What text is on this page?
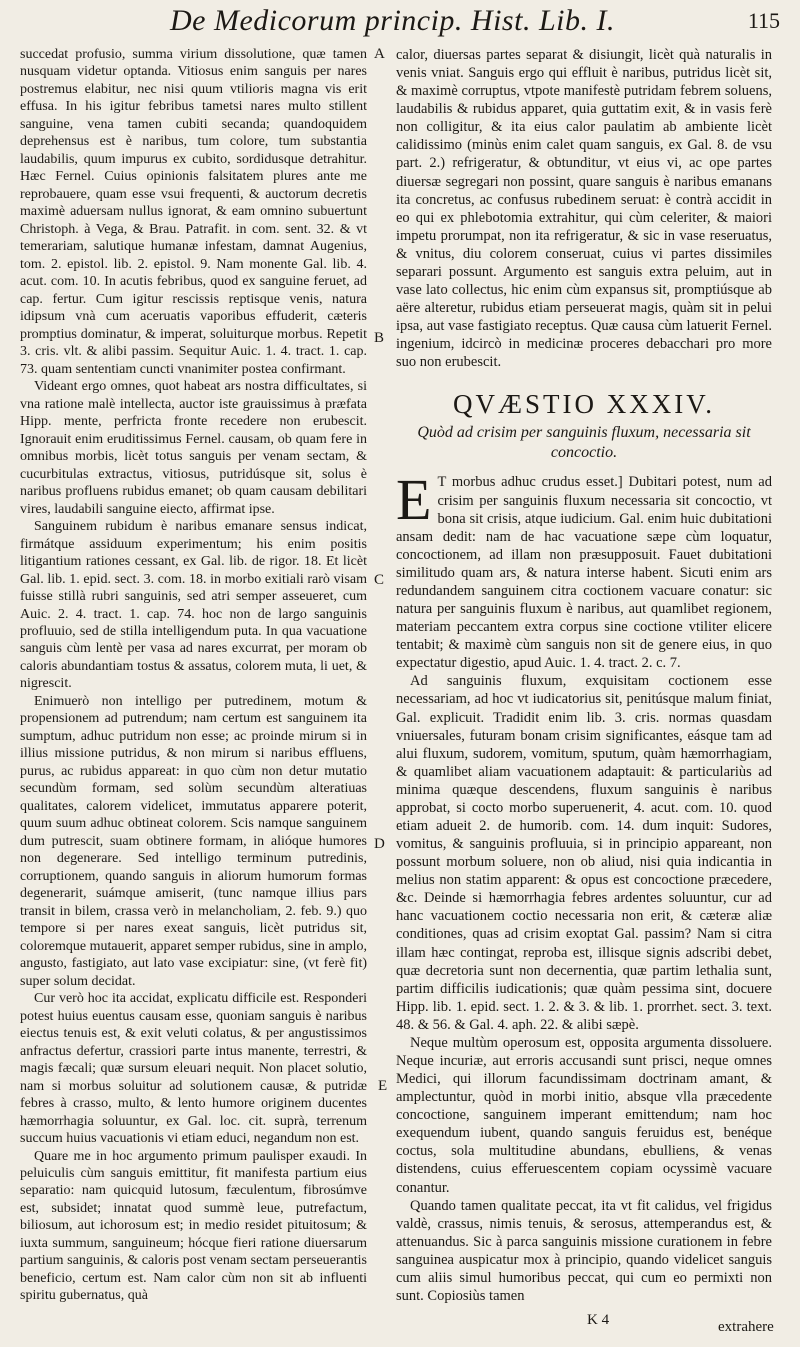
De Medicorum princip. Hist. Lib. I.	115

succedat profusio, summa virium dissolutione, quæ tamen nusquam videtur optanda. Vitiosus enim sanguis per nares postremus elabitur, nec nisi quum vtilioris magna vis erit effusa. In his igitur febribus tametsi nares multo stillent sanguine, vena tamen cubiti secanda; quandoquidem deprehensus est è naribus, tum colore, tum substantia laudabilis, quum impurus ex cubito, sordidusque detrahitur. Hæc Fernel. Cuius opinionis falsitatem plures ante me reprobauere, quam esse vsui frequenti, & auctorum decretis maximè aduersam nullus ignorat, & eam omnino subuertunt Christoph. à Vega, & Brau. Patrafit. in com. sent. 32. & vt temerariam, salutique humanæ infestam, damnat Augenius, tom. 2. epistol. lib. 2. epistol. 9. Nam monente Gal. lib. 4. acut. com. 10. In acutis febribus, quod ex sanguine feruet, ad cap. fertur. Cum igitur rescissis reptisque venis, natura idipsum vnà cum aceruatis vaporibus effuderit, cæteris promptius dominatur, & imperat, soluiturque morbus. Repetit 3. cris. vlt. & alibi passim. Sequitur Auic. 1. 4. tract. 1. cap. 73. quam sententiam cuncti vnanimiter postea confirmant.

Videant ergo omnes, quot habeat ars nostra difficultates, si vna ratione malè intellecta, auctor iste grauissimus à præfata Hipp. mente, perfricta fronte recedere non erubescit. Ignorauit enim eruditissimus Fernel. causam, ob quam fere in omnibus morbis, licèt totus sanguis per venam sectam, & cucurbitulas extractus, vitiosus, putridúsque sit, solus è naribus profluens rubidus emanet; ob quam causam debilitari vires, laudabili sanguine eiecto, affirmat ipse.

Sanguinem rubidum è naribus emanare sensus indicat, firmátque assiduum experimentum; his enim positis litigantium rationes cessant, ex Gal. lib. de rigor. 18. Et licèt Gal. lib. 1. epid. sect. 3. com. 18. in morbo exitiali rarò visam fuisse stillà rubri sanguinis, sed atri semper asseueret, cum Auic. 2. 4. tract. 1. cap. 74. hoc non de largo sanguinis profluuio, sed de stilla intelligendum puta. In qua vacuatione sanguis cùm lentè per vasa ad nares excurrat, per moram ob caloris abundantiam tostus & assatus, colorem muta, li uet, & nigrescit.

Enimuerò non intelligo per putredinem, motum & propensionem ad putrendum; nam certum est sanguinem ita sumptum, adhuc putridum non esse; ac proinde mirum si in illius missione putridus, & non mirum si naribus effluens, purus, ac rubidus appareat: in quo cùm non detur mutatio secundùm formam, sed solùm secundùm alteratiuas qualitates, calorem videlicet, immutatus apparere poterit, quum suum adhuc obtineat colorem. Scis namque sanguinem dum putrescit, suam obtinere formam, in alióque humores non degenerare. Sed intelligo terminum putredinis, corruptionem, quando sanguis in aliorum humorum formas degenerarit, suámque amiserit, (tunc namque illius pars transit in bilem, crassa verò in melancholiam, 2. feb. 9.) quo tempore si per nares exeat sanguis, licèt putridus sit, coloremque mutauerit, apparet semper rubidus, sine in amplo, angusto, fastigiato, aut lato vase excipiatur: sine, (vt ferè fit) super solum decidat.

Cur verò hoc ita accidat, explicatu difficile est. Responderi potest huius euentus causam esse, quoniam sanguis è naribus eiectus tenuis est, & exit veluti colatus, & per angustissimos anfractus defertur, crassiori parte intus manente, terrestri, & magis fæcali; quæ sursum eleuari nequit. Non placet solutio, nam si morbus soluitur ad solutionem causæ, & putridæ febres à crasso, multo, & lento humore originem ducentes hæmorrhagia soluuntur, ex Gal. loc. cit. suprà, terrenum succum huius vacuationis vi etiam educi, negandum non est.

Quare me in hoc argumento primum paulisper exaudi. In peluiculis cùm sanguis emittitur, fit manifesta partium eius separatio: nam quicquid lutosum, fæculentum, fibrosúmve est, subsidet; innatat quod summè leue, putrefactum, biliosum, aut ichorosum est; in medio residet pituitosum; & iuxta summum, sanguineum; hócque fieri ratione diuersarum partium sanguinis, & caloris post venam sectam perseuerantis beneficio, certum est. Nam calor cùm non sit ab influenti spiritu gubernatus, quà

A
B
C
D
E

calor, diuersas partes separat & disiungit, licèt quà naturalis in venis vniat. Sanguis ergo qui effluit è naribus, putridus licèt sit, & maximè corruptus, vtpote manifestè putridam febrem soluens, laudabilis & rubidus apparet, quia guttatim exit, & in vasis ferè non colligitur, & ita eius calor paulatim ab ambiente licèt calidissimo (minùs enim calet quam sanguis, ex Gal. 8. de vsu part. 2.) refrigeratur, & obtunditur, vt eius vi, ac ope partes diuersæ segregari non possint, quare sanguis è naribus emanans ita concretus, ac confusus rubedinem seruat: è contrà accidit in eo qui ex phlebotomia extrahitur, qui cùm celeriter, & maiori impetu prorumpat, non ita refrigeratur, & sic in vase reseruatus, & vnitus, diu colorem conseruat, cuius vi partes dissimiles separari possunt. Argumento est sanguis extra peluim, aut in vase lato collectus, hic enim cùm expansus sit, promptiúsque ab aëre alteretur, rubidus etiam perseuerat magis, quàm sit in pelui ipsa, aut vase fastigiato receptus. Quæ causa cùm latuerit Fernel. ingenium, idcircò in medicinæ proceres debacchari pro more suo non erubescit.

QVÆSTIO XXXIV.
Quòd ad crisim per sanguinis fluxum, necessaria sit concoctio.

E T morbus adhuc crudus esset.] Dubitari potest, num ad crisim per sanguinis fluxum necessaria sit concoctio, vt bona sit crisis, atque iudicium. Gal. enim huic dubitationi ansam dedit: nam de hac vacuatione sæpe cùm loquatur, concoctionem, ad illam non præsupposuit. Fauet dubitationi similitudo quam ars, & natura interse habent. Sicuti enim ars redundandem sanguinem citra coctionem vacuare conatur: sic natura per sanguinis fluxum è naribus, aut quamlibet regionem, materiam peccantem extra corpus sine coctione vtiliter elicere tentabit; & maximè cùm sanguis non sit de genere eius, in quo expectatur digestio, apud Auic. 1. 4. tract. 2. c. 7.

Ad sanguinis fluxum, exquisitam coctionem esse necessariam, ad hoc vt iudicatorius sit, penitúsque malum finiat, Gal. explicuit. Tradidit enim lib. 3. cris. normas quasdam vniuersales, futuram bonam crisim significantes, eásque tam ad alui fluxum, sudorem, vomitum, sputum, quàm hæmorrhagiam, & quamlibet aliam vacuationem adaptauit: & particulariùs ad minima quæque descendens, fluxum sanguinis è naribus approbat, si cocto morbo superuenerit, 4. acut. com. 10. quod etiam adueit 2. de humorib. com. 14. dum inquit: Sudores, vomitus, & sanguinis profluuia, si in principio appareant, non possunt morbum soluere, non ob aliud, nisi quia indicantia in melius non statim apparent: & opus est concoctione præcedere, &c. Deinde si hæmorrhagia febres ardentes soluuntur, cur ad hanc vacuationem coctio necessaria non erit, & cæteræ aliæ conditiones, quas ad crisim exoptat Gal. passim? Nam si citra illam hæc contingat, reproba est, illisque signis adscribi debet, quæ decretoria sunt non decernentia, quæ partim lethalia sunt, partim difficilis iudicationis; quæ quàm pessima sint, docuere Hipp. lib. 1. epid. sect. 1. 2. & 3. & lib. 1. prorrhet. sect. 3. text. 48. & 56. & Gal. 4. aph. 22. & alibi sæpè.

Neque multùm operosum est, opposita argumenta dissoluere. Neque incuriæ, aut erroris accusandi sunt prisci, neque omnes Medici, qui illorum facundissimam doctrinam amant, & amplectuntur, quòd in morbi initio, absque vlla præcedente concoctione, sanguinem imperant emittendum; nam hoc exequendum iubent, quando sanguis feruidus est, benéque coctus, sola multitudine abundans, ebulliens, & venas distendens, cuius efferuescentem copiam ocyssimè vacuare conantur.

Quando tamen qualitate peccat, ita vt fit calidus, vel frigidus valdè, crassus, nimis tenuis, & serosus, attemperandus est, & attenuandus. Sic à parca sanguinis missione curationem in febre sanguinea auspicatur mox à principio, quando videlicet sanguis cum aliis simul humoribus peccat, qui cum eo permixti non sunt. Copiosiùs tamen

K 4	extrahere
